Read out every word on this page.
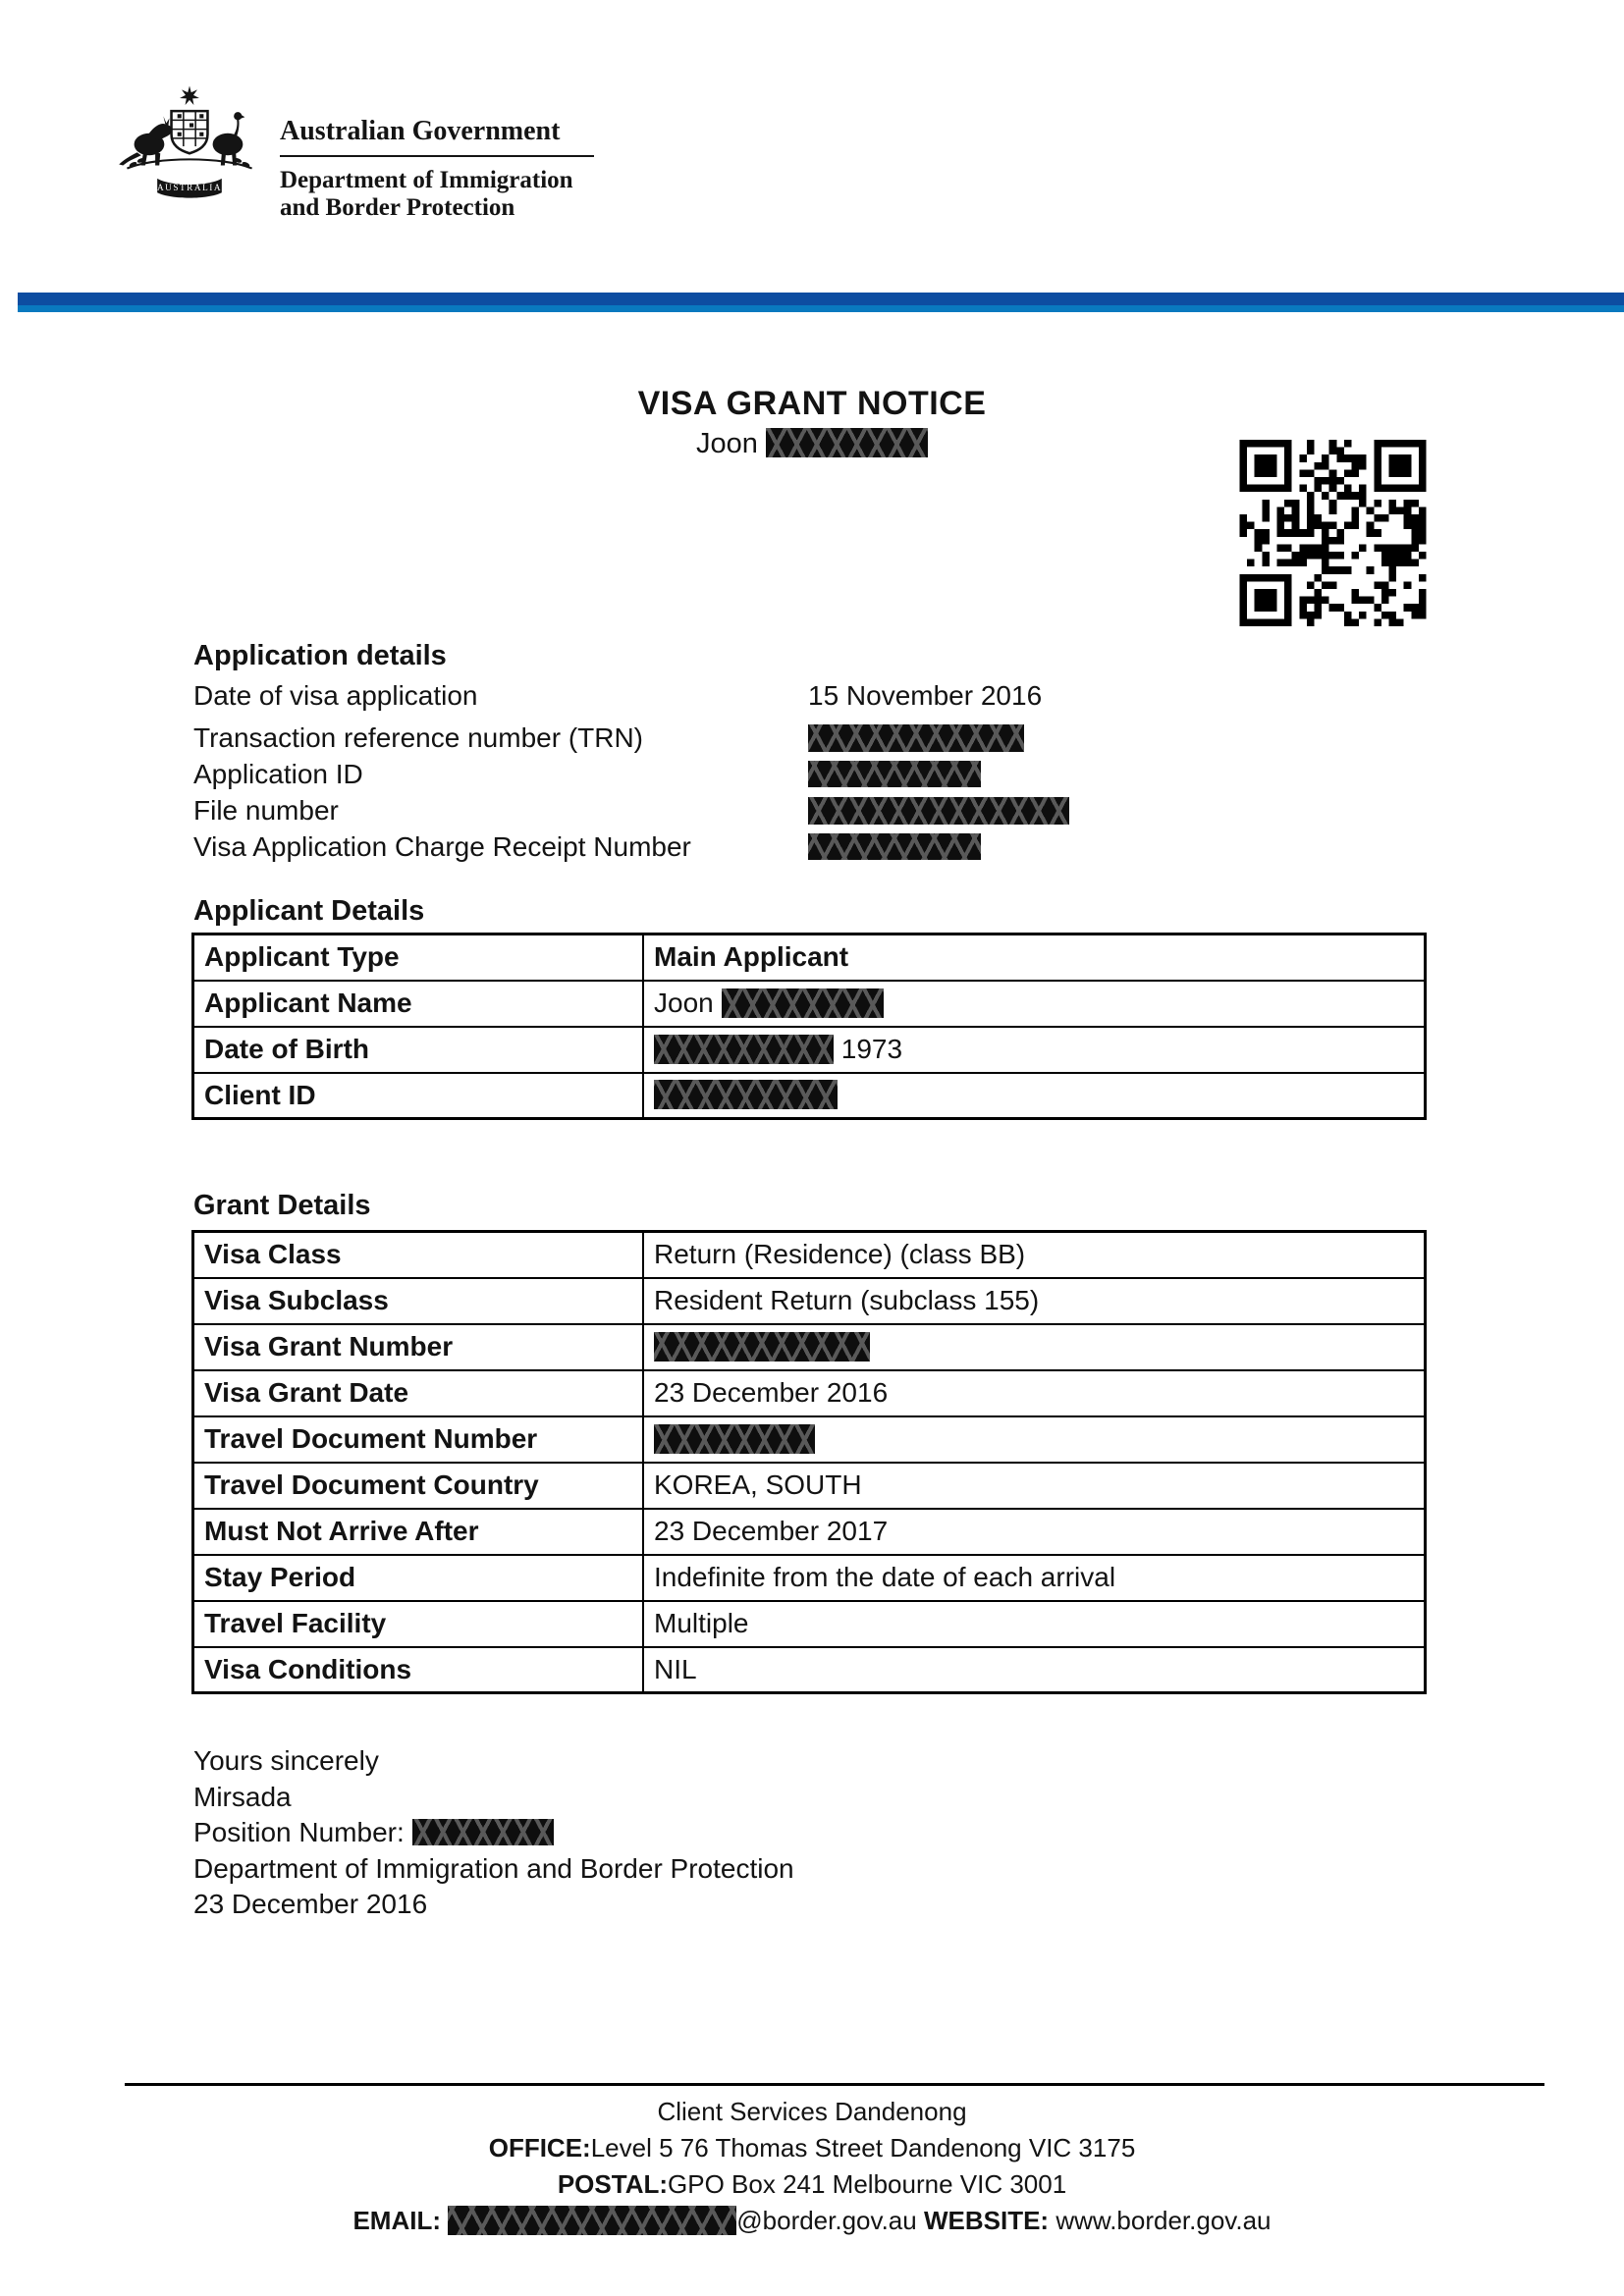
AUSTRALIA
Australian Government
Department of Immigration
and Border Protection
VISA GRANT NOTICE
Joon
Application details
Date of visa application	15 November 2016
Transaction reference number (TRN)
Application ID
File number
Visa Application Charge Receipt Number
Applicant Details
Applicant Type	Main Applicant
Applicant Name	Joon
Date of Birth	1973
Client ID	
Grant Details
Visa Class	Return (Residence) (class BB)
Visa Subclass	Resident Return (subclass 155)
Visa Grant Number	
Visa Grant Date	23 December 2016
Travel Document Number	
Travel Document Country	KOREA, SOUTH
Must Not Arrive After	23 December 2017
Stay Period	Indefinite from the date of each arrival
Travel Facility	Multiple
Visa Conditions	NIL
Yours sincerely
Mirsada
Position Number:
Department of Immigration and Border Protection
23 December 2016
Client Services Dandenong
OFFICE:Level 5 76 Thomas Street Dandenong VIC 3175
POSTAL:GPO Box 241 Melbourne VIC 3001
EMAIL:	@border.gov.au WEBSITE: www.border.gov.au
